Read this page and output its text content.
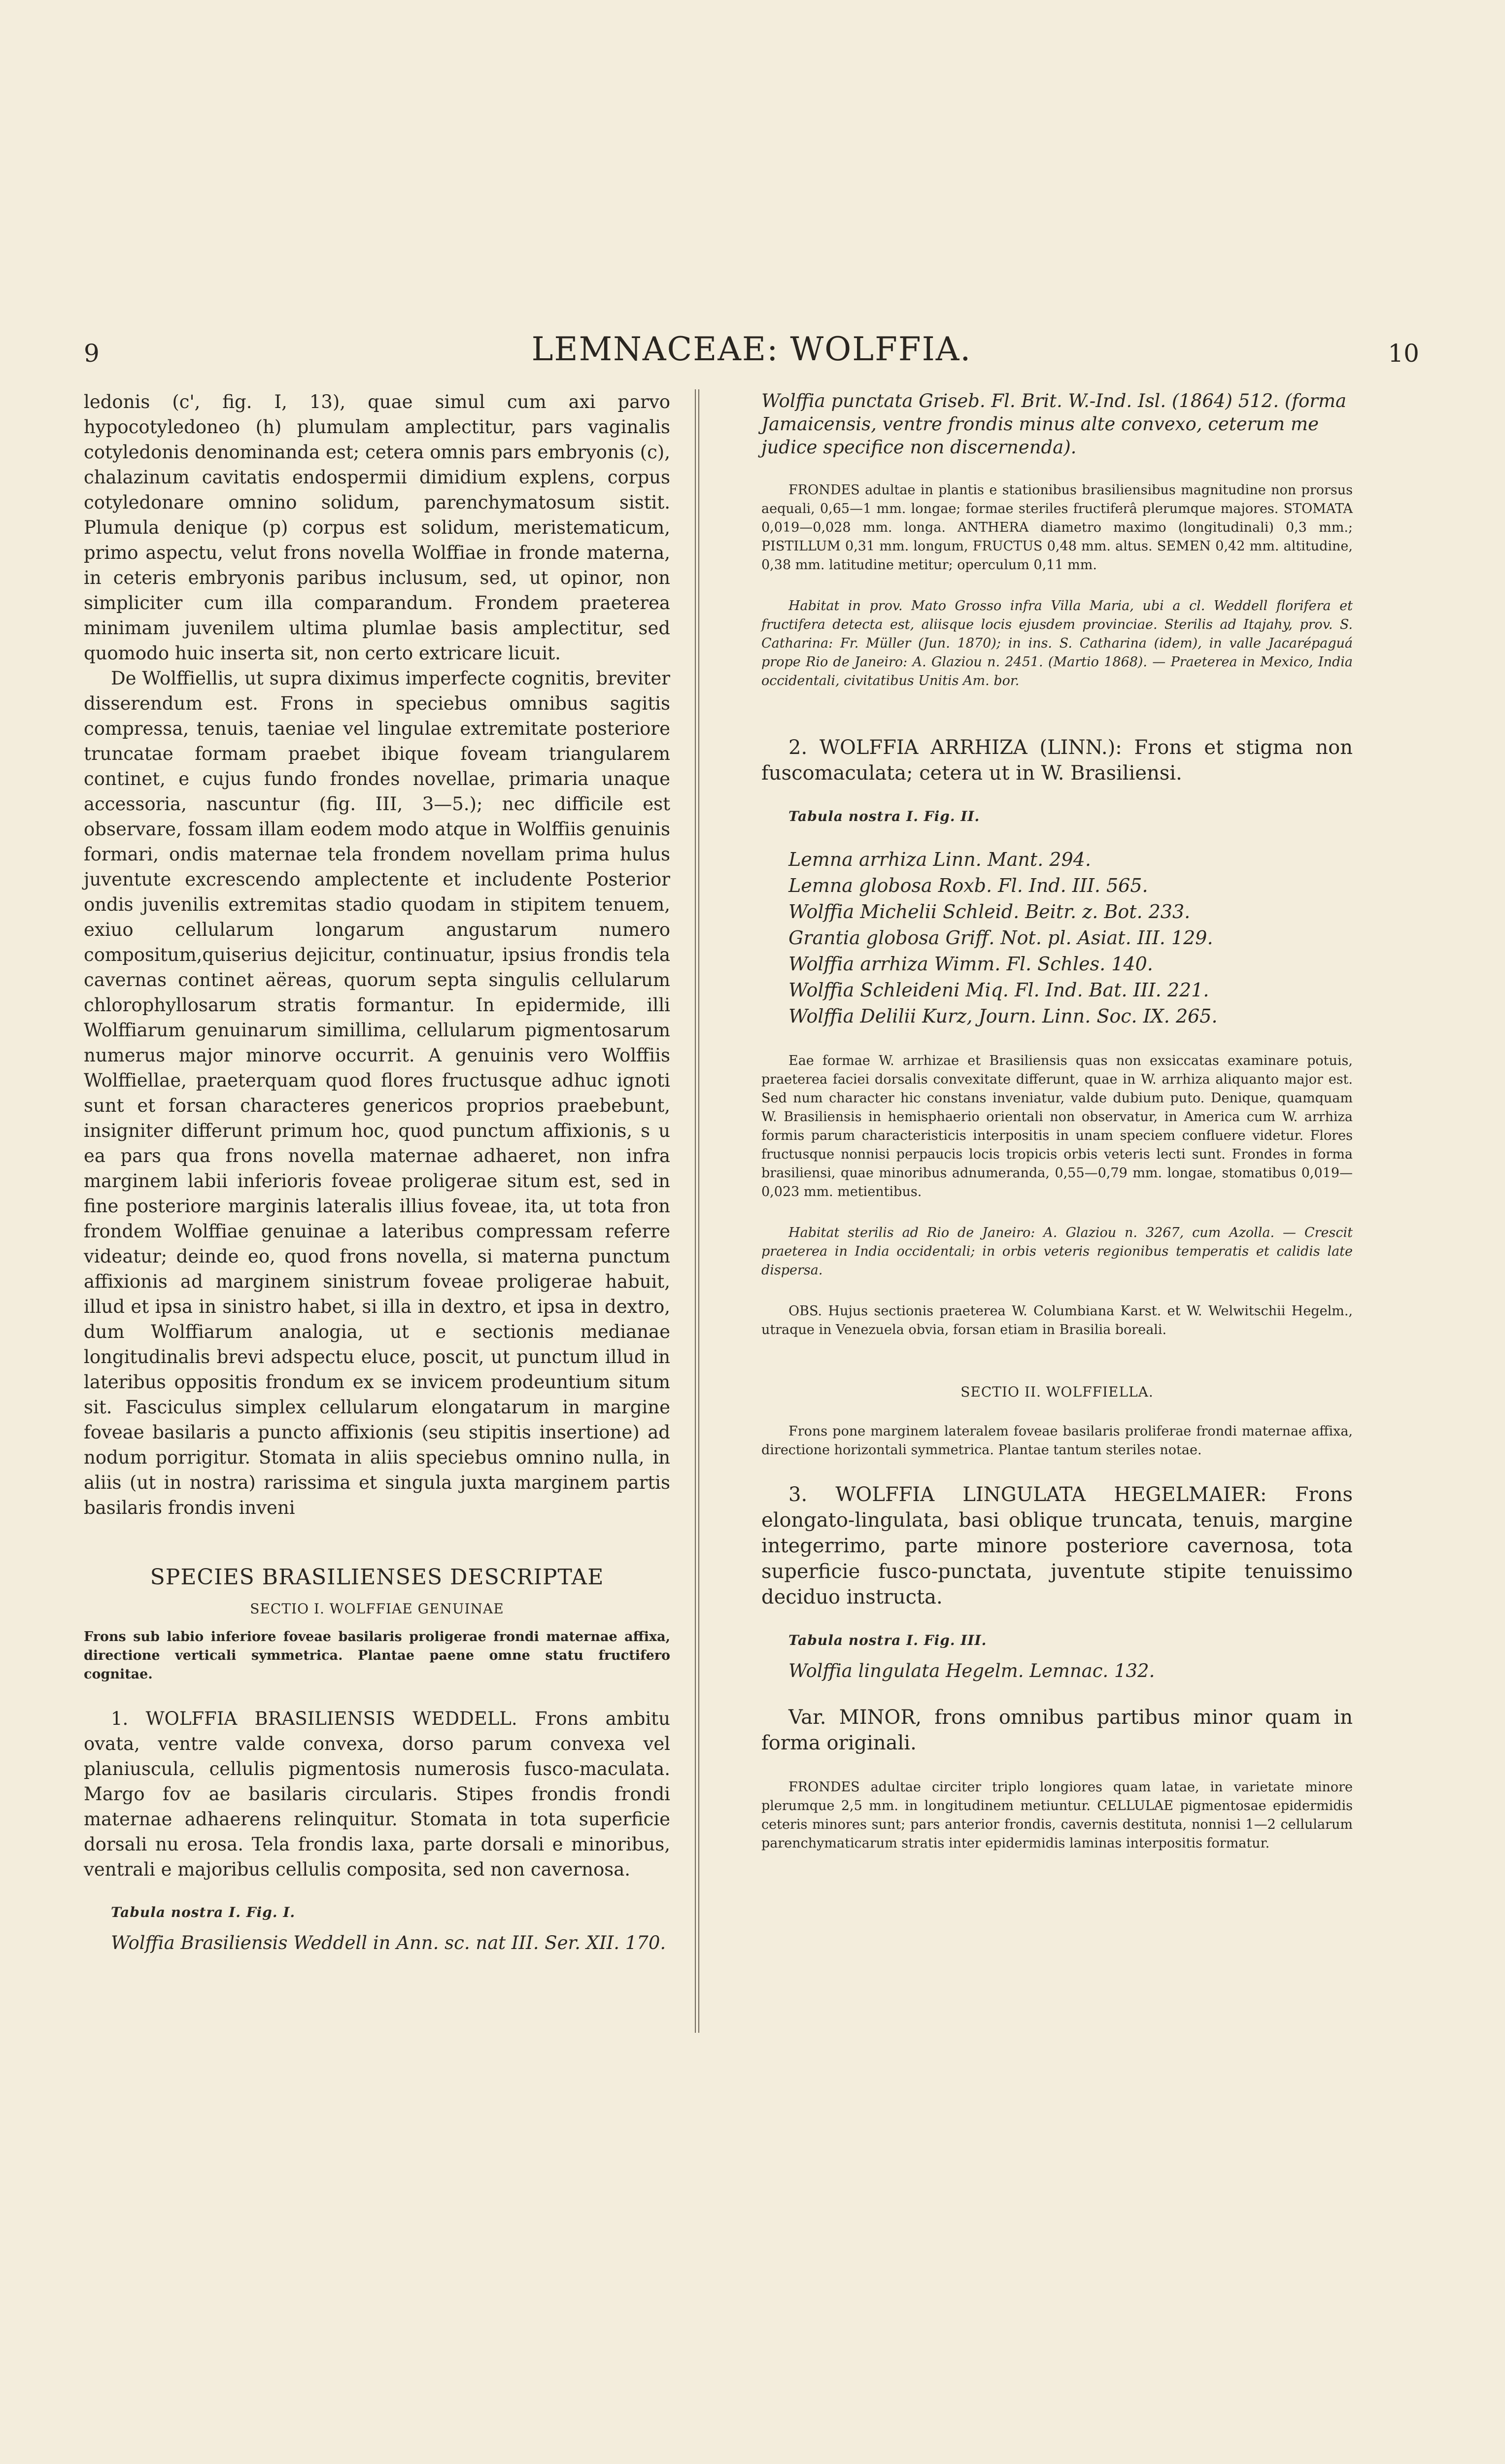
9	LEMNACEAE: WOLFFIA.	10

ledonis (c', fig. I, 13), quae simul cum axi parvo hypocotyledoneo (h) plumulam amplectitur, pars vaginalis cotyledonis denominanda est; cetera omnis pars embryonis (c), chalazinum cavitatis endospermii dimidium explens, corpus cotyledonare omnino solidum, parenchymatosum sistit. Plumula denique (p) corpus est solidum, meristematicum, primo aspectu, velut frons novella Wolffiae in fronde materna, in ceteris embryonis paribus inclusum, sed, ut opinor, non simpliciter cum illa comparandum. Frondem praeterea minimam juvenilem ultima plumlae basis amplectitur, sed quomodo huic inserta sit, non certo extricare licuit.

De Wolffiellis, ut supra diximus imperfecte cognitis, breviter disserendum est. Frons in speciebus omnibus sagitis compressa, tenuis, taeniae vel lingulae extremitate posteriore truncatae formam praebet ibique foveam triangularem continet, e cujus fundo frondes novellae, primaria unaque accessoria, nascuntur (fig. III, 3—5.); nec difficile est observare, fossam illam eodem modo atque in Wolffiis genuinis formari, ondis maternae tela frondem novellam prima hulus juventute excrescendo amplectente et includente Posterior ondis juvenilis extremitas stadio quodam in stipitem tenuem, exiuo cellularum longarum angustarum numero compositum,quiserius dejicitur, continuatur, ipsius frondis tela cavernas continet aëreas, quorum septa singulis cellularum chlorophyllosarum stratis formantur. In epidermide, illi Wolffiarum genuinarum simillima, cellularum pigmentosarum numerus major minorve occurrit. A genuinis vero Wolffiis Wolffiellae, praeterquam quod flores fructusque adhuc ignoti sunt et forsan characteres genericos proprios praebebunt, insigniter differunt primum hoc, quod punctum affixionis, s u ea pars qua frons novella maternae adhaeret, non infra marginem labii inferioris foveae proligerae situm est, sed in fine posteriore marginis lateralis illius foveae, ita, ut tota fron frondem Wolffiae genuinae a lateribus compressam referre videatur; deinde eo, quod frons novella, si materna punctum affixionis ad marginem sinistrum foveae proligerae habuit, illud et ipsa in sinistro habet, si illa in dextro, et ipsa in dextro, dum Wolffiarum analogia, ut e sectionis medianae longitudinalis brevi adspectu eluce, poscit, ut punctum illud in lateribus oppositis frondum ex se invicem prodeuntium situm sit. Fasciculus simplex cellularum elongatarum in margine foveae basilaris a puncto affixionis (seu stipitis insertione) ad nodum porrigitur. Stomata in aliis speciebus omnino nulla, in aliis (ut in nostra) rarissima et singula juxta marginem partis basilaris frondis inveni

SPECIES BRASILIENSES DESCRIPTAE
SECTIO I. WOLFFIAE GENUINAE

Frons sub labio inferiore foveae basilaris proligerae frondi maternae affixa, directione verticali symmetrica. Plantae paene omne statu fructifero cognitae.

1. WOLFFIA BRASILIENSIS WEDDELL. Frons ambitu ovata, ventre valde convexa, dorso parum convexa vel planiuscula, cellulis pigmentosis numerosis fusco-maculata. Margo fov ae basilaris circularis. Stipes frondis frondi maternae adhaerens relinquitur. Stomata in tota superficie dorsali nu erosa. Tela frondis laxa, parte dorsali e minoribus, ventrali e majoribus cellulis composita, sed non cavernosa.

Tabula nostra I. Fig. I.

Wolffia Brasiliensis Weddell in Ann. sc. nat III. Ser. XII. 170.

Wolffia punctata Griseb. Fl. Brit. W.-Ind. Isl. (1864) 512. (forma Jamaicensis, ventre frondis minus alte convexo, ceterum me judice specifice non discernenda).

FRONDES adultae in plantis e stationibus brasiliensibus magnitudine non prorsus aequali, 0,65—1 mm. longae; formae steriles fructiferâ plerumque majores. STOMATA 0,019—0,028 mm. longa. ANTHERA diametro maximo (longitudinali) 0,3 mm.; PISTILLUM 0,31 mm. longum, FRUCTUS 0,48 mm. altus. SEMEN 0,42 mm. altitudine, 0,38 mm. latitudine metitur; operculum 0,11 mm.

Habitat in prov. Mato Grosso infra Villa Maria, ubi a cl. Weddell florifera et fructifera detecta est, aliisque locis ejusdem provinciae. Sterilis ad Itajahy, prov. S. Catharina: Fr. Müller (Jun. 1870); in ins. S. Catharina (idem), in valle Jacarépaguá prope Rio de Janeiro: A. Glaziou n. 2451. (Martio 1868). — Praeterea in Mexico, India occidentali, civitatibus Unitis Am. bor.

2. WOLFFIA ARRHIZA (LINN.): Frons et stigma non fuscomaculata; cetera ut in W. Brasiliensi.

Tabula nostra I. Fig. II.

Lemna arrhiza Linn. Mant. 294.

Lemna globosa Roxb. Fl. Ind. III. 565.

Wolffia Michelii Schleid. Beitr. z. Bot. 233.

Grantia globosa Griff. Not. pl. Asiat. III. 129.

Wolffia arrhiza Wimm. Fl. Schles. 140.

Wolffia Schleideni Miq. Fl. Ind. Bat. III. 221.

Wolffia Delilii Kurz, Journ. Linn. Soc. IX. 265.

Eae formae W. arrhizae et Brasiliensis quas non exsiccatas examinare potuis, praeterea faciei dorsalis convexitate differunt, quae in W. arrhiza aliquanto major est. Sed num character hic constans inveniatur, valde dubium puto. Denique, quamquam W. Brasiliensis in hemisphaerio orientali non observatur, in America cum W. arrhiza formis parum characteristicis interpositis in unam speciem confluere videtur. Flores fructusque nonnisi perpaucis locis tropicis orbis veteris lecti sunt. Frondes in forma brasiliensi, quae minoribus adnumeranda, 0,55—0,79 mm. longae, stomatibus 0,019—0,023 mm. metientibus.

Habitat sterilis ad Rio de Janeiro: A. Glaziou n. 3267, cum Azolla. — Crescit praeterea in India occidentali; in orbis veteris regionibus temperatis et calidis late dispersa.

OBS. Hujus sectionis praeterea W. Columbiana Karst. et W. Welwitschii Hegelm., utraque in Venezuela obvia, forsan etiam in Brasilia boreali.

SECTIO II. WOLFFIELLA.

Frons pone marginem lateralem foveae basilaris proliferae frondi maternae affixa, directione horizontali symmetrica. Plantae tantum steriles notae.

3. WOLFFIA LINGULATA HEGELMAIER: Frons elongato-lingulata, basi oblique truncata, tenuis, margine integerrimo, parte minore posteriore cavernosa, tota superficie fusco-punctata, juventute stipite tenuissimo deciduo instructa.

Tabula nostra I. Fig. III.

Wolffia lingulata Hegelm. Lemnac. 132.

Var. MINOR, frons omnibus partibus minor quam in forma originali.

FRONDES adultae circiter triplo longiores quam latae, in varietate minore plerumque 2,5 mm. in longitudinem metiuntur. CELLULAE pigmentosae epidermidis ceteris minores sunt; pars anterior frondis, cavernis destituta, nonnisi 1—2 cellularum parenchymaticarum stratis inter epidermidis laminas interpositis formatur.
